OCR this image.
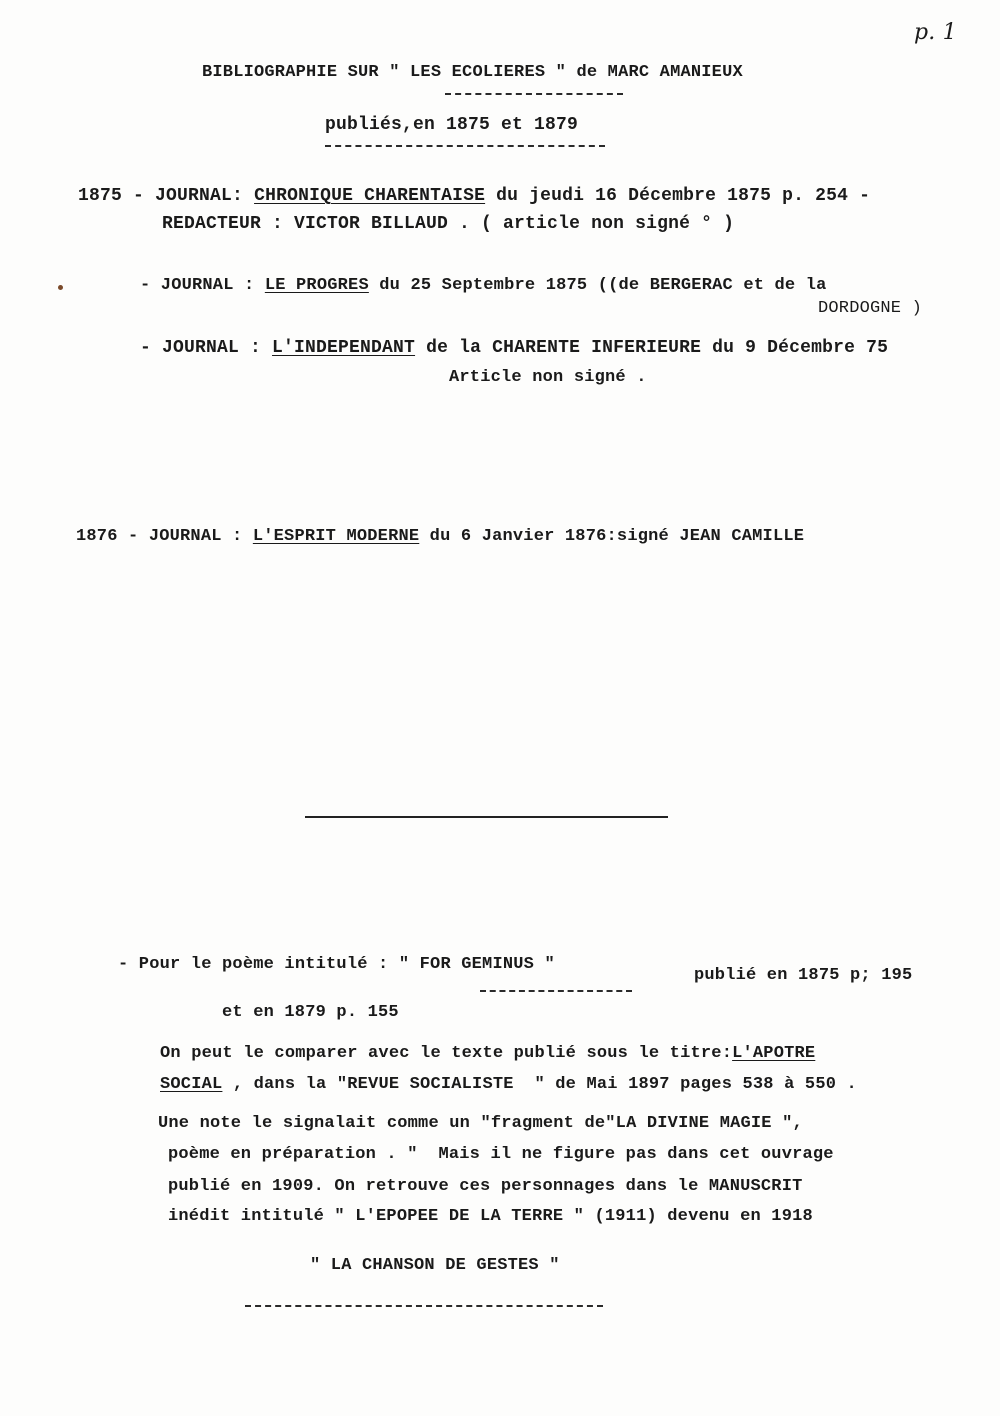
p. 1
BIBLIOGRAPHIE SUR " LES ECOLIERES " de MARC AMANIEUX
publiés,en 1875 et 1879
1875 - JOURNAL: CHRONIQUE CHARENTAISE du jeudi 16 Décembre 1875 p. 254 -
REDACTEUR : VICTOR BILLAUD . ( article non signé ° )
- JOURNAL : LE PROGRES du 25 Septembre 1875 ((de BERGERAC et de la
DORDOGNE )
- JOURNAL : L'INDEPENDANT de la CHARENTE INFERIEURE du 9 Décembre 75
Article non signé .
1876 - JOURNAL : L'ESPRIT MODERNE du 6 Janvier 1876:signé JEAN CAMILLE
- Pour le poème intitulé : " FOR GEMINUS "
publié en 1875 p; 195
et en 1879 p. 155
On peut le comparer avec le texte publié sous le titre:L'APOTRE
SOCIAL , dans la "REVUE SOCIALISTE  " de Mai 1897 pages 538 à 550 .
Une note le signalait comme un "fragment de"LA DIVINE MAGIE ",
poème en préparation . "  Mais il ne figure pas dans cet ouvrage
publié en 1909. On retrouve ces personnages dans le MANUSCRIT
inédit intitulé " L'EPOPEE DE LA TERRE " (1911) devenu en 1918
" LA CHANSON DE GESTES "
